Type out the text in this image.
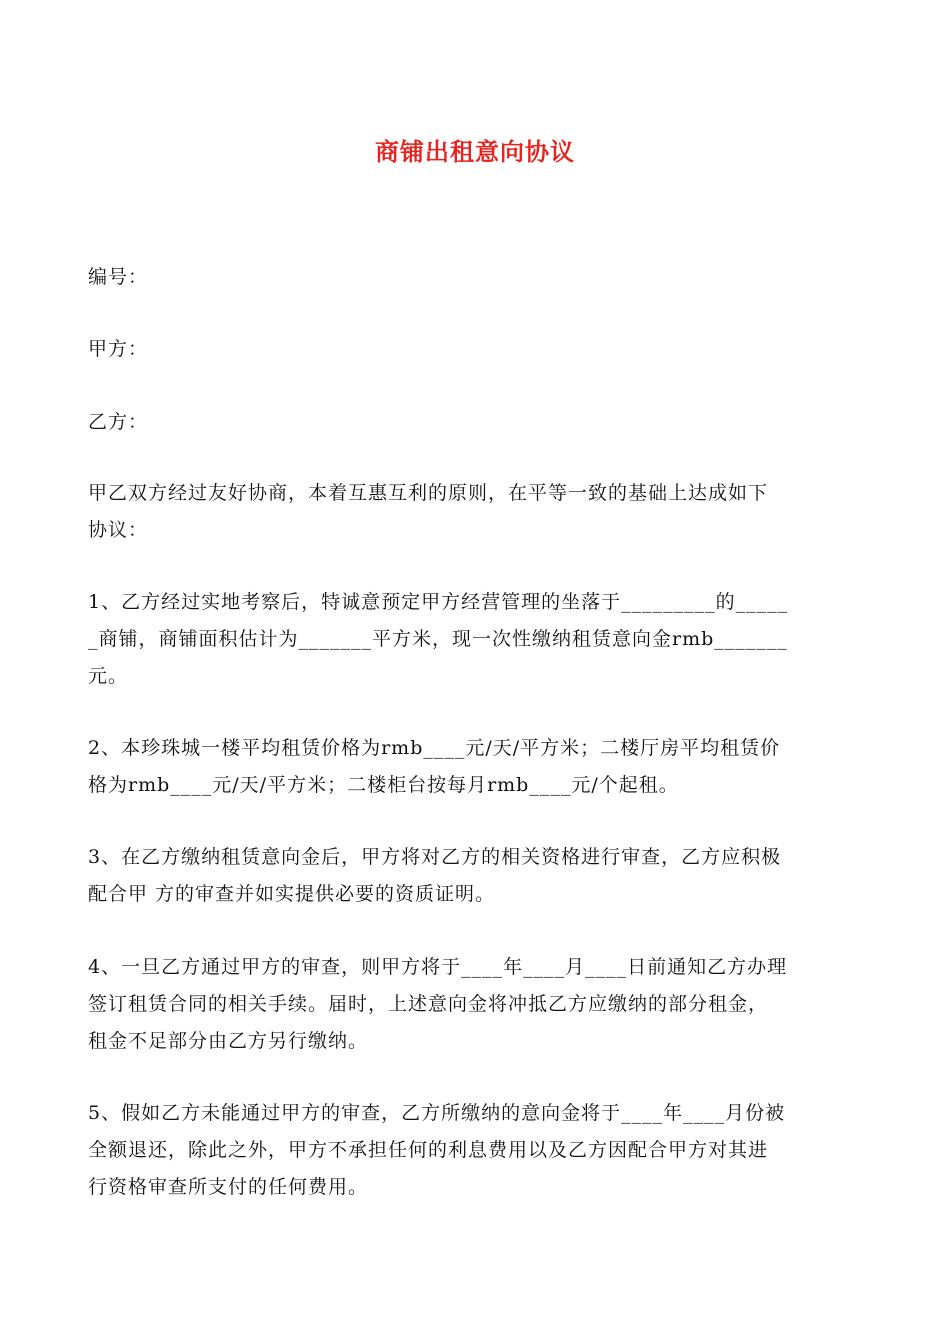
商铺出租意向协议
编号：
甲方：
乙方：
甲乙双方经过友好协商，本着互惠互利的原则，在平等一致的基础上达成如下
协议：
1、乙方经过实地考察后，特诚意预定甲方经营管理的坐落于_________的_____
_商铺，商铺面积估计为_______平方米，现一次性缴纳租赁意向金rmb_______
元。
2、本珍珠城一楼平均租赁价格为rmb____元/天/平方米；二楼厅房平均租赁价
格为rmb____元/天/平方米；二楼柜台按每月rmb____元/个起租。
3、在乙方缴纳租赁意向金后，甲方将对乙方的相关资格进行审查，乙方应积极
配合甲 方的审查并如实提供必要的资质证明。
4、一旦乙方通过甲方的审查，则甲方将于____年____月____日前通知乙方办理
签订租赁合同的相关手续。届时，上述意向金将冲抵乙方应缴纳的部分租金，
租金不足部分由乙方另行缴纳。
5、假如乙方未能通过甲方的审查，乙方所缴纳的意向金将于____年____月份被
全额退还，除此之外，甲方不承担任何的利息费用以及乙方因配合甲方对其进
行资格审查所支付的任何费用。
